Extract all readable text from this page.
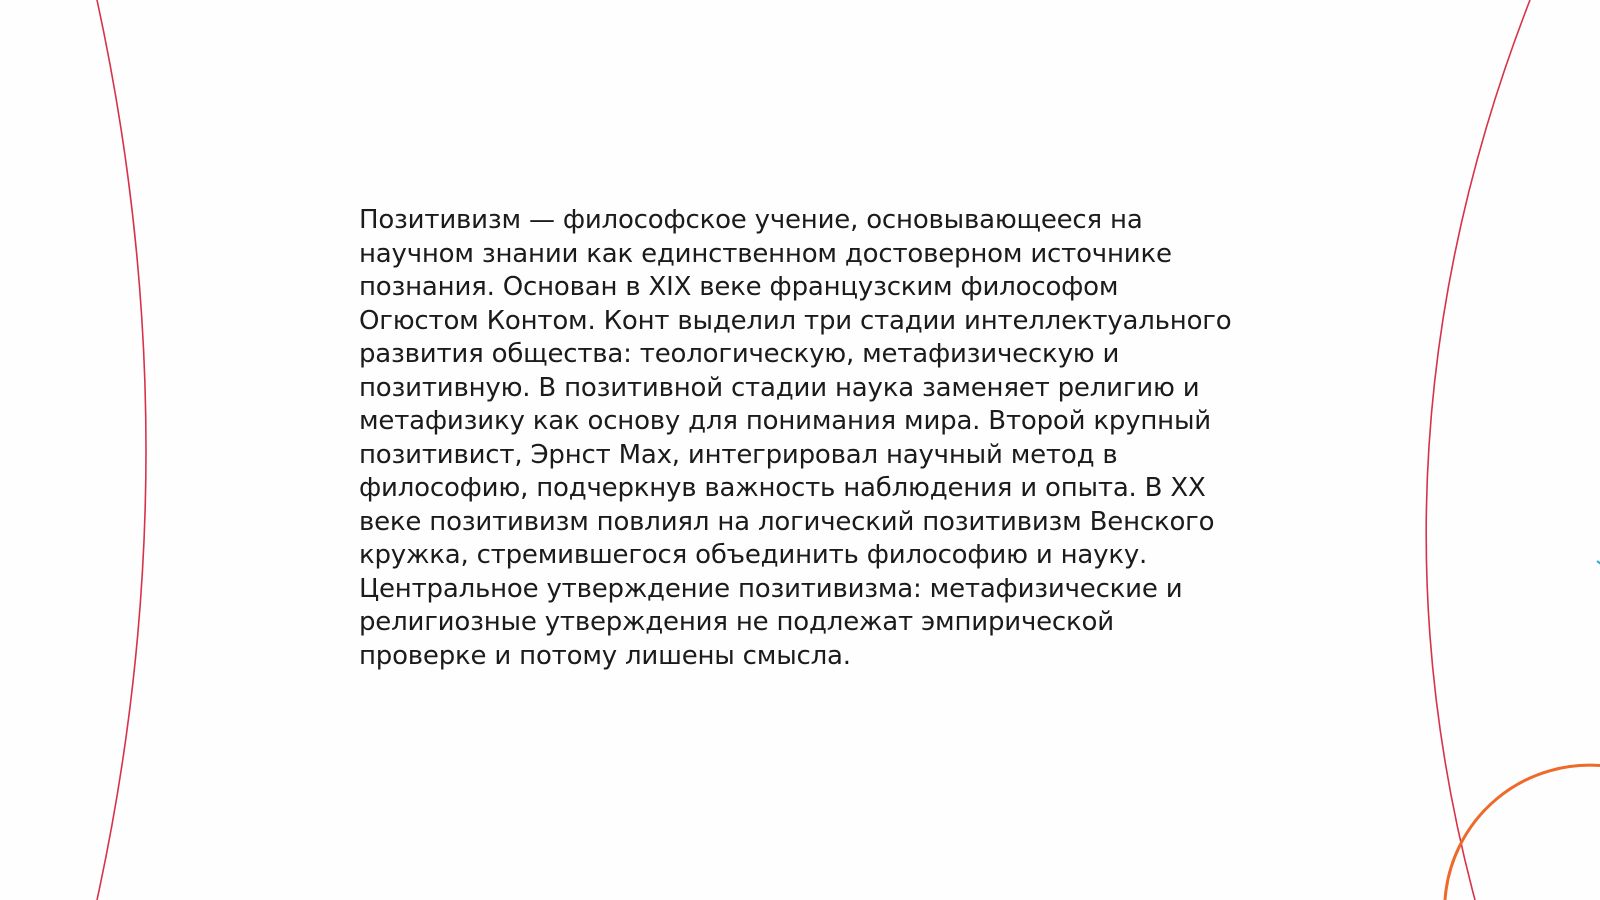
Позитивизм — философское учение, основывающееся на научном знании как единственном достоверном источнике познания. Основан в XIX веке французским философом Огюстом Контом. Конт выделил три стадии интеллектуального развития общества: теологическую, метафизическую и позитивную. В позитивной стадии наука заменяет религию и метафизику как основу для понимания мира. Второй крупный позитивист, Эрнст Мах, интегрировал научный метод в философию, подчеркнув важность наблюдения и опыта. В XX веке позитивизм повлиял на логический позитивизм Венского кружка, стремившегося объединить философию и науку. Центральное утверждение позитивизма: метафизические и религиозные утверждения не подлежат эмпирической проверке и потому лишены смысла.
